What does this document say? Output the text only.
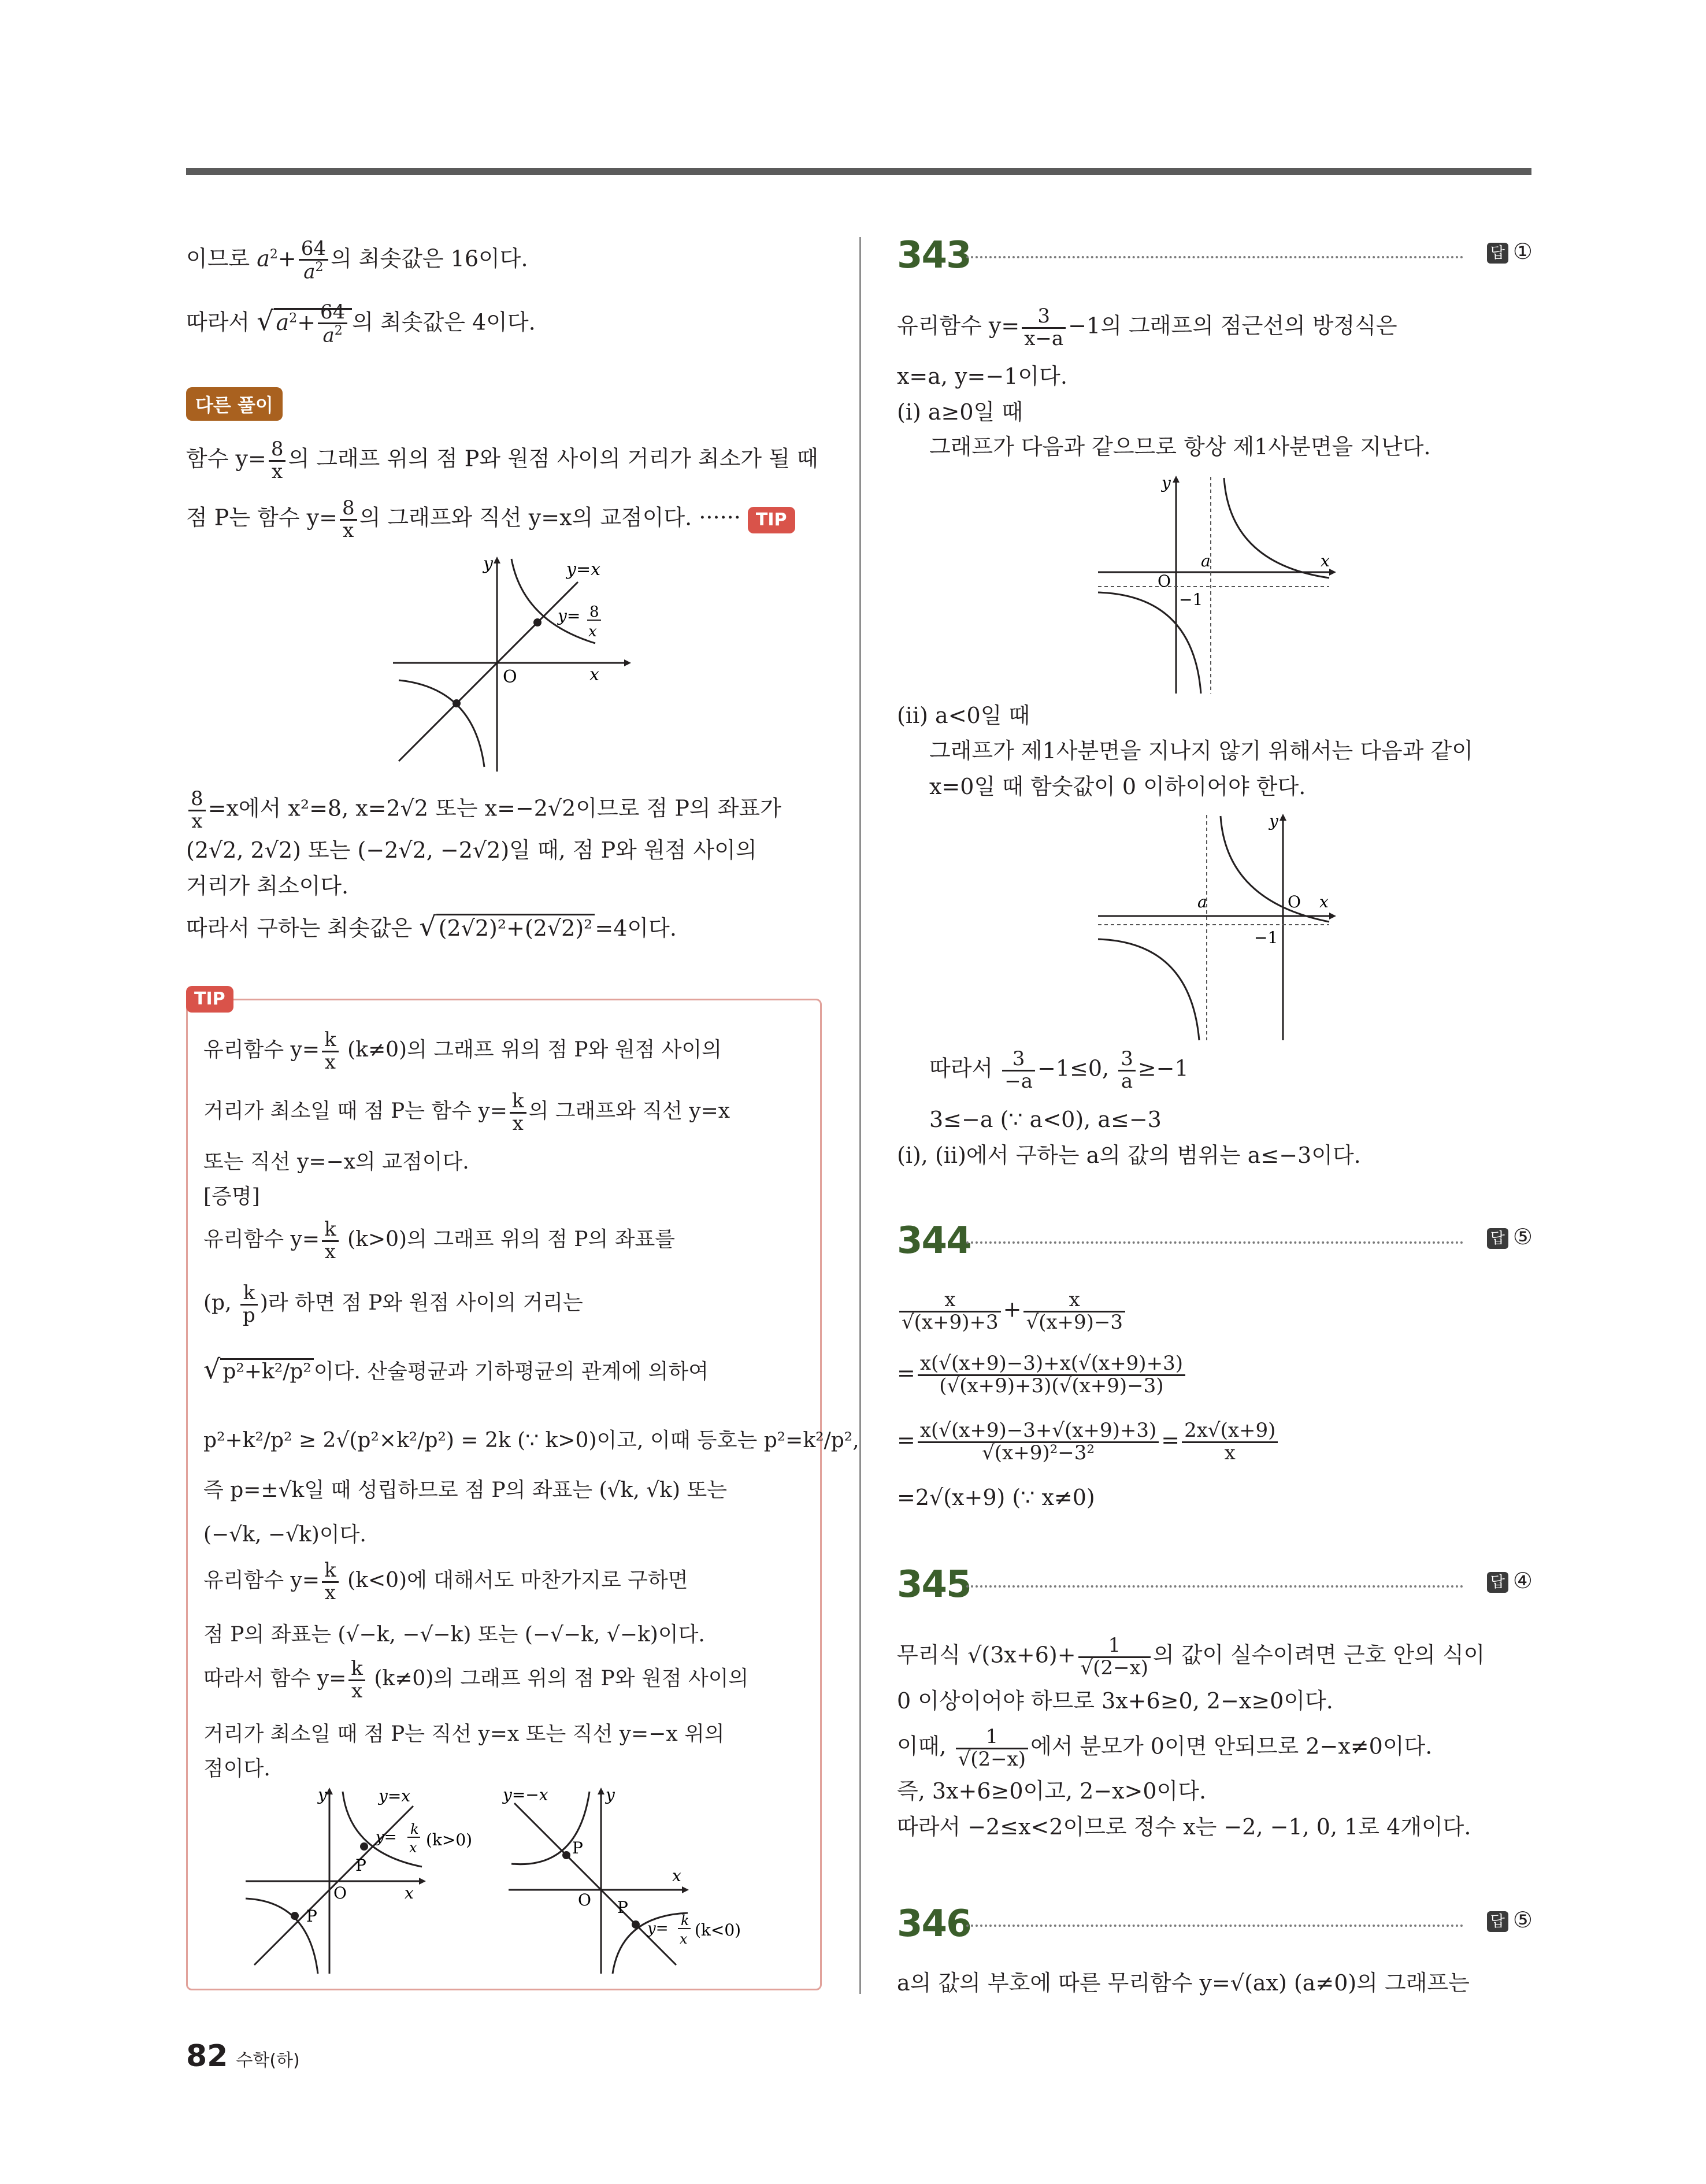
이므로 $a^2+ \frac{64}{a^2}$ 의 최솟값은 16이다.
따라서 √ $a^2+ \frac{64}{a^2}$ 의 최솟값은 4이다.
다른 풀이
함수 $y= \frac{8}{x}$ 의 그래프 위의 점 P와 원점 사이의 거리가 최소가 될 때
점 P는 함수 $y= \frac{8}{x}$ 의 그래프와 직선 y=x의 교점이다. ······ TIP
y
x
O
y=x
y= 8
x
$\frac{8}{x} =x$에서 x²=8, x=2√2 또는 x=−2√2이므로 점 P의 좌표가
(2√2, 2√2) 또는 (−2√2, −2√2)일 때, 점 P와 원점 사이의
거리가 최소이다.
따라서 구하는 최솟값은 √ (2√2)²+(2√2)² =4이다.
TIP
유리함수 $y= \frac{k}{x} (k\ne 0)$의 그래프 위의 점 P와 원점 사이의
거리가 최소일 때 점 P는 함수 $y= \frac{k}{x}$ 의 그래프와 직선 y=x
또는 직선 y=−x의 교점이다.
[증명]
유리함수 $y= \frac{k}{x} (k>0)$의 그래프 위의 점 P의 좌표를
(p, $\frac{k}{p}$ )라 하면 점 P와 원점 사이의 거리는
√ p²+k²/p² 이다. 산술평균과 기하평균의 관계에 의하여
p²+k²/p² ≥ 2√(p²×k²/p²) = 2k (∵ k>0)이고, 이때 등호는 p²=k²/p²,
즉 p=±√k일 때 성립하므로 점 P의 좌표는 (√k, √k) 또는
(−√k, −√k)이다.
유리함수 $y= \frac{k}{x} (k<0)$에 대해서도 마찬가지로 구하면
점 P의 좌표는 (√−k, −√−k) 또는 (−√−k, √−k)이다.
따라서 함수 $y= \frac{k}{x} (k\ne 0)$의 그래프 위의 점 P와 원점 사이의
거리가 최소일 때 점 P는 직선 y=x 또는 직선 y=−x 위의
점이다.
y
x
O
P
P
y=x
y= k
x (k>0)
y
x
O
P
P
y=−x
y= k
x (k<0)
343	답 ①
유리함수 $y= \frac{3}{x-a} -1$의 그래프의 점근선의 방정식은
x=a, y=−1이다.
(ⅰ) a≥0일 때
그래프가 다음과 같으므로 항상 제1사분면을 지난다.
y
x
O
a
−1
(ⅱ) a<0일 때
그래프가 제1사분면을 지나지 않기 위해서는 다음과 같이
x=0일 때 함숫값이 0 이하이어야 한다.
y
x
O
a
−1
따라서 $\frac{3}{-a} -1\le 0$, $\frac{3}{a} \ge-1$
3≤−a (∵ a<0), a≤−3
(ⅰ), (ⅱ)에서 구하는 a의 값의 범위는 a≤−3이다.
344	답 ⑤
$\frac{x}{√(x+9)+3} + \frac{x}{√(x+9)-3}$
= $\frac{x(√(x+9)-3)+x(√(x+9)+3)}{(√(x+9)+3)(√(x+9)-3)}$
= $\frac{x(√(x+9)-3+√(x+9)+3)}{\text{√(x+9)²−3²}} = \frac{2x√(x+9)}{x}$
=2√(x+9) (∵ x≠0)
345	답 ④
무리식 $√(3x+6)+ \frac{1}{√(2-x)}$ 의 값이 실수이려면 근호 안의 식이
0 이상이어야 하므로 3x+6≥0, 2−x≥0이다.
이때, $\frac{1}{√(2-x)}$ 에서 분모가 0이면 안되므로 2−x≠0이다.
즉, 3x+6≥0이고, 2−x>0이다.
따라서 −2≤x<2이므로 정수 x는 −2, −1, 0, 1로 4개이다.
346	답 ⑤
a의 값의 부호에 따른 무리함수 y=√(ax) (a≠0)의 그래프는
82 수학(하)
